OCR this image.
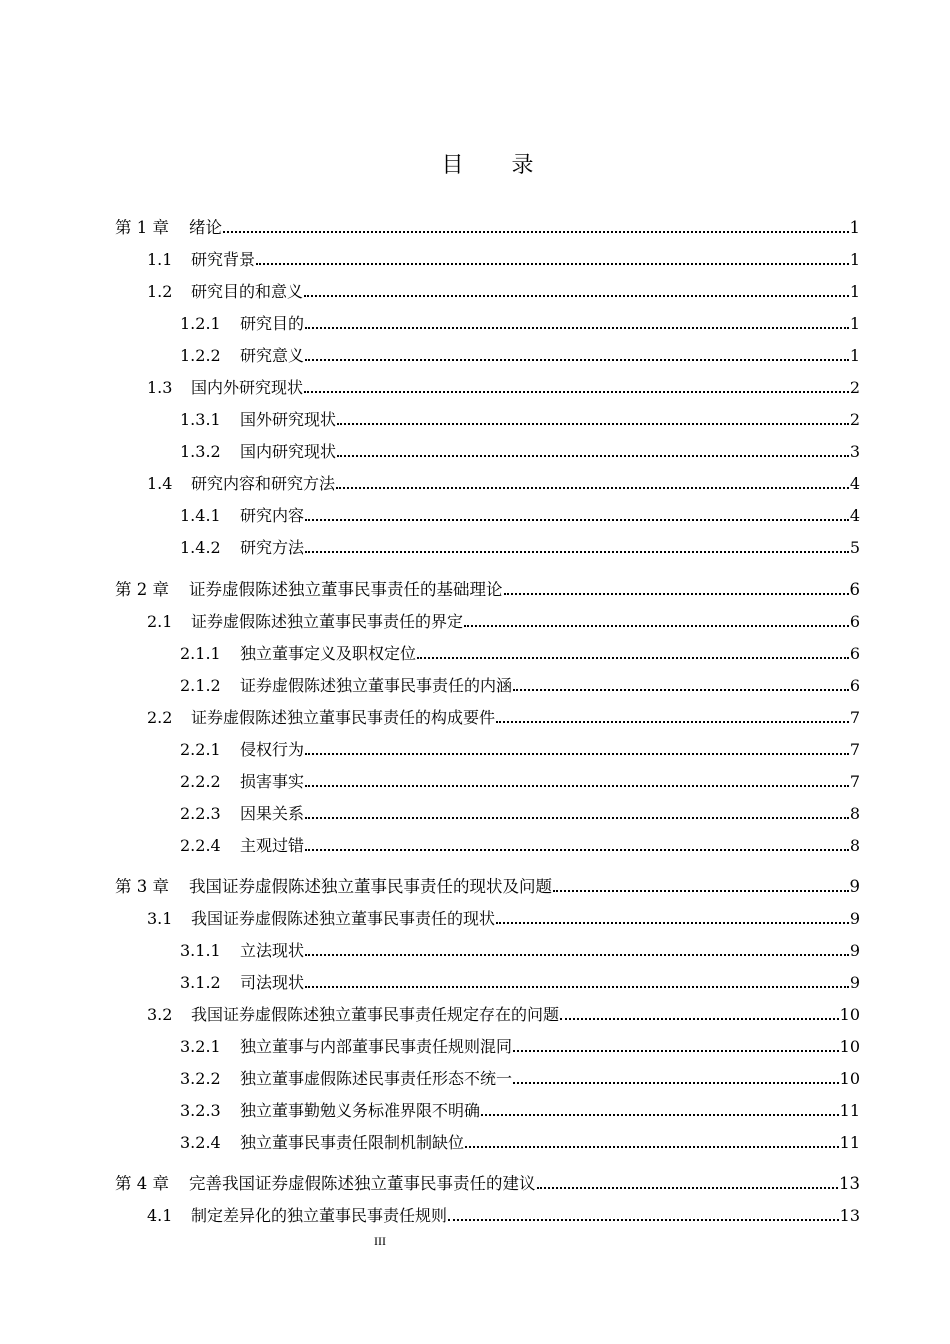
目 录
第 1 章	绪论	1
1.1	研究背景	1
1.2	研究目的和意义	1
1.2.1	研究目的	1
1.2.2	研究意义	1
1.3	国内外研究现状	2
1.3.1	国外研究现状	2
1.3.2	国内研究现状	3
1.4	研究内容和研究方法	4
1.4.1	研究内容	4
1.4.2	研究方法	5
第 2 章	证券虚假陈述独立董事民事责任的基础理论	6
2.1	证券虚假陈述独立董事民事责任的界定	6
2.1.1	独立董事定义及职权定位	6
2.1.2	证券虚假陈述独立董事民事责任的内涵	6
2.2	证券虚假陈述独立董事民事责任的构成要件	7
2.2.1	侵权行为	7
2.2.2	损害事实	7
2.2.3	因果关系	8
2.2.4	主观过错	8
第 3 章	我国证券虚假陈述独立董事民事责任的现状及问题	9
3.1	我国证券虚假陈述独立董事民事责任的现状	9
3.1.1	立法现状	9
3.1.2	司法现状	9
3.2	我国证券虚假陈述独立董事民事责任规定存在的问题	10
3.2.1	独立董事与内部董事民事责任规则混同	10
3.2.2	独立董事虚假陈述民事责任形态不统一	10
3.2.3	独立董事勤勉义务标准界限不明确	11
3.2.4	独立董事民事责任限制机制缺位	11
第 4 章	完善我国证券虚假陈述独立董事民事责任的建议	13
4.1	制定差异化的独立董事民事责任规则	13
III
